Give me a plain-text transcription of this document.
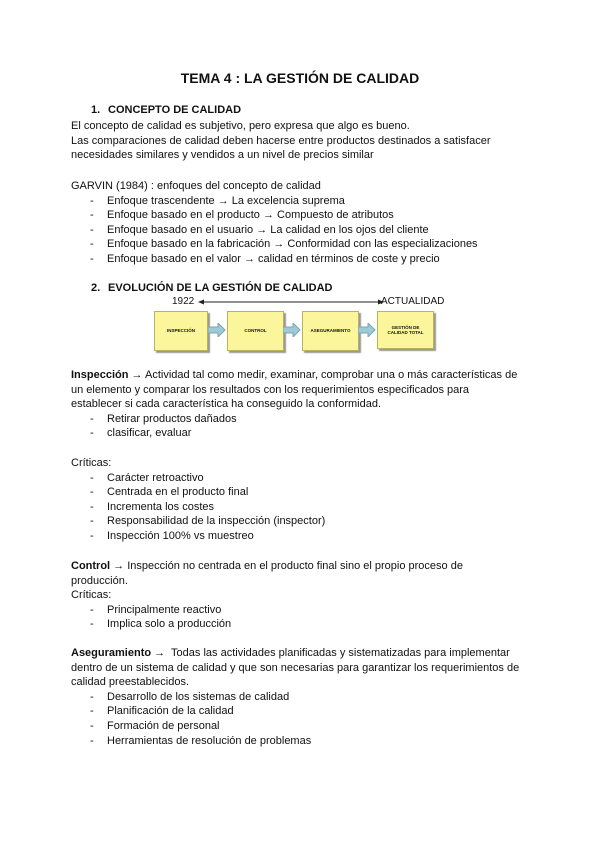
TEMA 4 : LA GESTIÓN DE CALIDAD
1. CONCEPTO DE CALIDAD

El concepto de calidad es subjetivo, pero expresa que algo es bueno.

Las comparaciones de calidad deben hacerse entre productos destinados a satisfacer

necesidades similares y vendidos a un nivel de precios similar

GARVIN (1984) : enfoques del concepto de calidad

- Enfoque trascendente → La excelencia suprema
- Enfoque basado en el producto → Compuesto de atributos
- Enfoque basado en el usuario → La calidad en los ojos del cliente
- Enfoque basado en la fabricación → Conformidad con las especializaciones
- Enfoque basado en el valor → calidad en términos de coste y precio
2. EVOLUCIÓN DE LA GESTIÓN DE CALIDAD
1922	ACTUALIDAD
INSPECCIÓN	CONTROL	ASEGURAMIENTO
GESTIÓN DE CALIDAD TOTAL

Inspección → Actividad tal como medir, examinar, comprobar una o más características de

un elemento y comparar los resultados con los requerimientos especificados para

establecer si cada característica ha conseguido la conformidad.

- Retirar productos dañados
- clasificar, evaluar

Críticas:

- Carácter retroactivo
- Centrada en el producto final
- Incrementa los costes
- Responsabilidad de la inspección (inspector)
- Inspección 100% vs muestreo

Control → Inspección no centrada en el producto final sino el propio proceso de

producción.

Críticas:

- Principalmente reactivo
- Implica solo a producción

Aseguramiento →  Todas las actividades planificadas y sistematizadas para implementar

dentro de un sistema de calidad y que son necesarias para garantizar los requerimientos de

calidad preestablecidos.

- Desarrollo de los sistemas de calidad
- Planificación de la calidad
- Formación de personal
- Herramientas de resolución de problemas
